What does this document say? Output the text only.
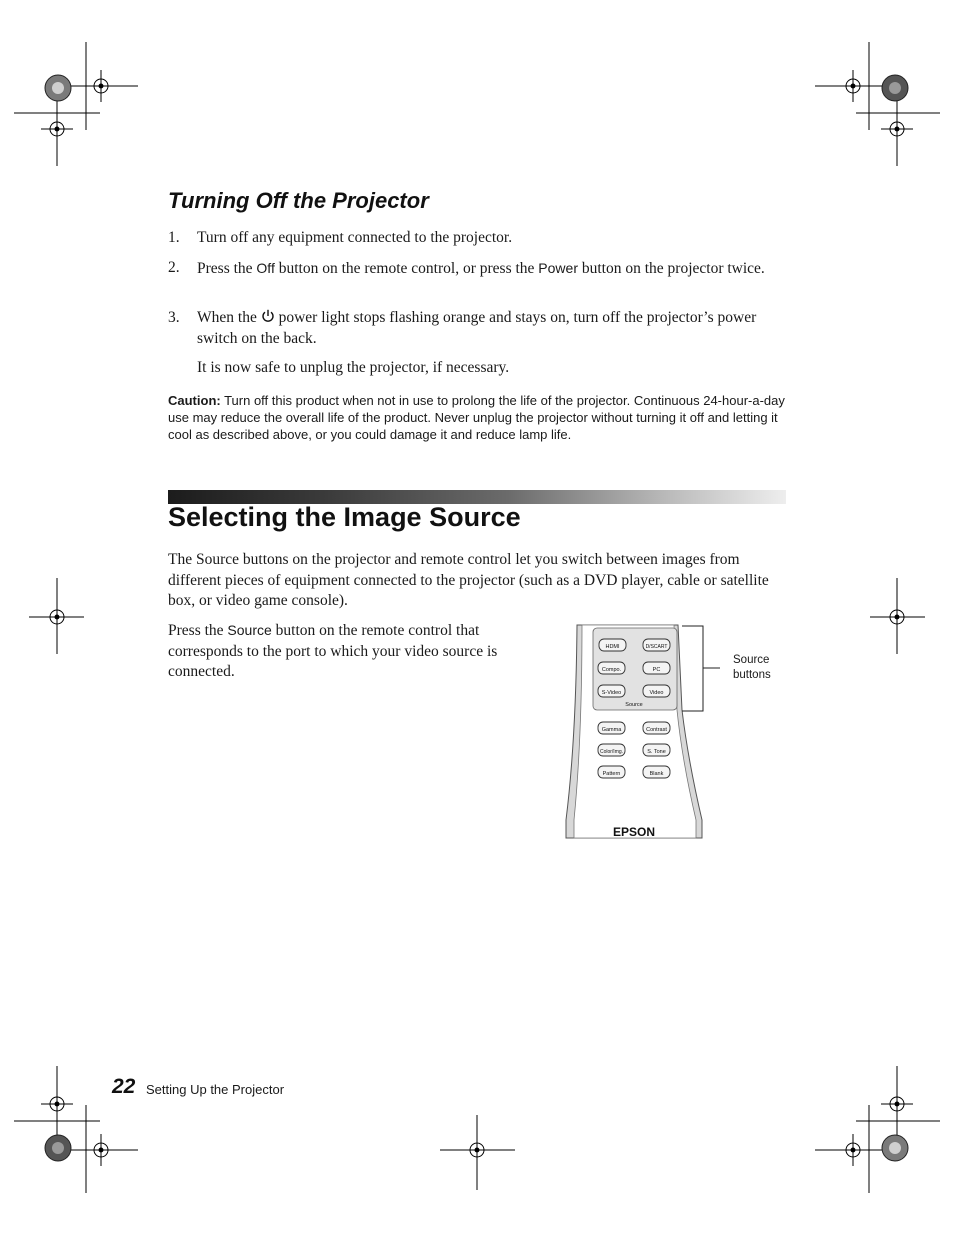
Turning Off the Projector
1.	Turn off any equipment connected to the projector.
2.	Press the Off button on the remote control, or press the Power button on the projector twice.
3.	When the  power light stops flashing orange and stays on, turn off the projector’s power switch on the back.
It is now safe to unplug the projector, if necessary.
Caution: Turn off this product when not in use to prolong the life of the projector. Continuous 24-hour-a-day use may reduce the overall life of the product. Never unplug the projector without turning it off and letting it cool as described above, or you could damage it and reduce lamp life.
Selecting the Image Source
The Source buttons on the projector and remote control let you switch between images from different pieces of equipment connected to the projector (such as a DVD player, cable or satellite box, or video game console).
Press the Source button on the remote control that corresponds to the port to which your video source is connected.
HDMI	D/SCART
Compo.	PC
S-Video	Video
Source
Gamma	Contrast
Color/Img.	S. Tone
Pattern	Blank
EPSON
Source buttons
22 Setting Up the Projector
